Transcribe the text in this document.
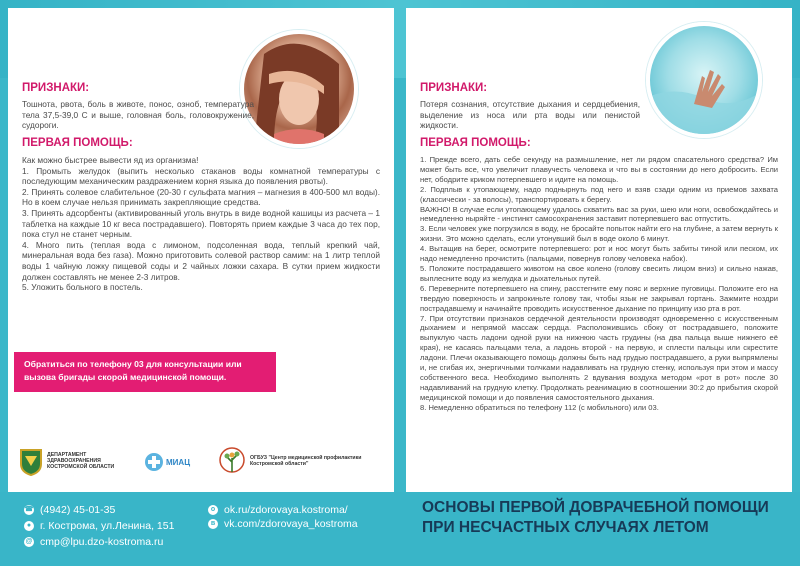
ПИЩЕВЫЕ ОТРАВЛЕНИЯ
Рекомендация для родителей
ПРИЗНАКИ:
Тошнота, рвота, боль в животе, понос, озноб, температура тела 37,5-39,0 С и выше, головная боль, головокружение, судороги.
ПЕРВАЯ ПОМОЩЬ:

Как можно быстрее вывести яд из организма!

1. Промыть желудок (выпить несколько стаканов воды комнатной температуры с последующим механическим раздражением корня языка до появления рвоты).

2. Принять солевое слабительное (20-30 г сульфата магния – магнезия в 400-500 мл воды). Но в коем случае нельзя принимать закрепляющие средства.

3. Принять адсорбенты (активированный уголь внутрь в виде водной кашицы из расчета – 1 таблетка на каждые 10 кг веса пострадавшего). Повторять прием каждые 3 часа до тех пор, пока стул не станет черным.

4. Много пить (теплая вода с лимоном, подсоленная вода, теплый крепкий чай, минеральная вода без газа). Можно приготовить солевой раствор самим: на 1 литр теплой воды 1 чайную ложку пищевой соды и 2 чайных ложки сахара. В сутки прием жидкости должен составлять не менее 2-3 литров.

5. Уложить больного в постель.

Обратиться по телефону 03 для консультации или вызова бригады скорой медицинской помощи.
ДЕПАРТАМЕНТ ЗДРАВООХРАНЕНИЯ КОСТРОМСКОЙ ОБЛАСТИ
МИАЦ	ОГБУЗ "Центр медицинской профилактики Костромской области"
УТОПЛЕНИЕ
Рекомендация для родителей
ПРИЗНАКИ:
Потеря сознания, отсутствие дыхания и сердцебиения, выделение из носа или рта воды или пенистой жидкости.
ПЕРВАЯ ПОМОЩЬ:

1. Прежде всего, дать себе секунду на размышление, нет ли рядом спасательного средства? Им может быть все, что увеличит плавучесть человека и что вы в состоянии до него добросить. Если нет, ободрите криком потерпевшего и идите на помощь.

2. Подплыв к утопающему, надо поднырнуть под него и взяв сзади одним из приемов захвата (классически - за волосы), транспортировать к берегу.

ВАЖНО! В случае если утопающему удалось схватить вас за руки, шею или ноги, освобождайтесь и немедленно ныряйте - инстинкт самосохранения заставит потерпевшего вас отпустить.

3. Если человек уже погрузился в воду, не бросайте попыток найти его на глубине, а затем вернуть к жизни. Это можно сделать, если утонувший был в воде около 6 минут.

4. Вытащив на берег, осмотрите потерпевшего: рот и нос могут быть забиты тиной или песком, их надо немедленно прочистить (пальцами, повернув голову человека набок).

5. Положите пострадавшего животом на свое колено (голову свесить лицом вниз) и сильно нажав, выплесните воду из желудка и дыхательных путей.

6. Переверните потерпевшего на спину, расстегните ему пояс и верхние пуговицы. Положите его на твердую поверхность и запрокиньте голову так, чтобы язык не закрывал гортань. Зажмите ноздри пострадавшему и начинайте проводить искусственное дыхание по принципу изо рта в рот.

7. При отсутствии признаков сердечной деятельности производят одновременно с искусственным дыханием и непрямой массаж сердца. Расположившись сбоку от пострадавшего, положите выпуклую часть ладони одной руки на нижнюю часть грудины (на два пальца выше нижнего её края), не касаясь пальцами тела, а ладонь второй - на первую, и сплести пальцы или скрестите ладони. Плечи оказывающего помощь должны быть над грудью пострадавшего, а руки выпрямлены и, не сгибая их, энергичными толчками надавливать на грудную стенку, используя при этом и массу собственного веса. Необходимо выполнять 2 вдувания воздуха методом «рот в рот» после 30 надавливаний на грудную клетку. Продолжать реанимацию в соотношении 30:2 до прибытия скорой медицинской помощи и до появления самостоятельного дыхания.

8. Немедленно обратиться по телефону 112 (с мобильного) или 03.

☎ (4942) 45-01-35
● г. Кострома, ул.Ленина, 151
@ cmp@lpu.dzo-kostroma.ru
о ok.ru/zdorovaya.kostroma/
в vk.com/zdorovaya_kostroma
ОСНОВЫ ПЕРВОЙ ДОВРАЧЕБНОЙ ПОМОЩИ
ПРИ НЕСЧАСТНЫХ СЛУЧАЯХ ЛЕТОМ
